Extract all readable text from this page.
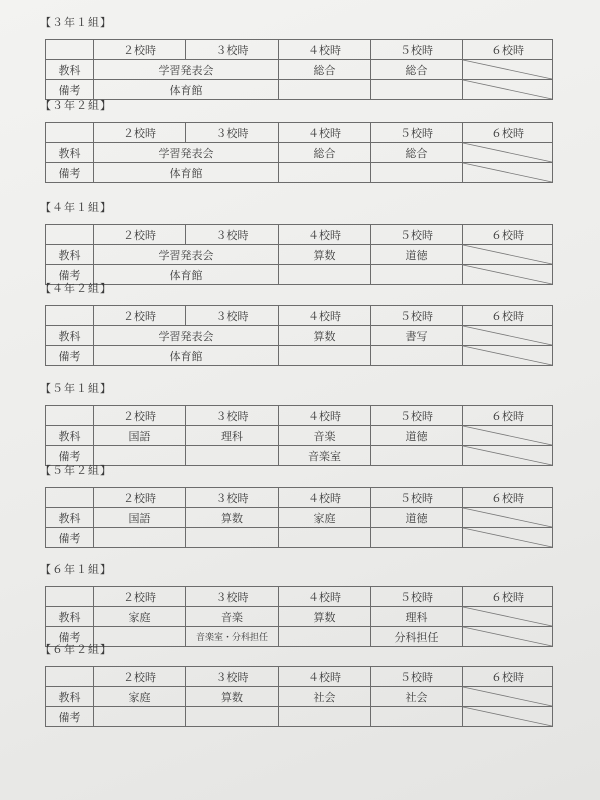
【３年１組】
	２校時	３校時	４校時	５校時	６校時
教科	学習発表会		総合	総合	

備考	体育館			
【３年２組】
	２校時	３校時	４校時	５校時	６校時
教科	学習発表会		総合	総合	

備考	体育館			
【４年１組】
	２校時	３校時	４校時	５校時	６校時
教科	学習発表会		算数	道徳	

備考	体育館			
【４年２組】
	２校時	３校時	４校時	５校時	６校時
教科	学習発表会		算数	書写	

備考	体育館			
【５年１組】
	２校時	３校時	４校時	５校時	６校時
教科	国語	理科	音楽	道徳	

備考			音楽室		
【５年２組】
	２校時	３校時	４校時	５校時	６校時
教科	国語	算数	家庭	道徳	

備考					
【６年１組】
	２校時	３校時	４校時	５校時	６校時
教科	家庭	音楽	算数	理科	

備考		音楽室・分科担任		分科担任	
【６年２組】
	２校時	３校時	４校時	５校時	６校時
教科	家庭	算数	社会	社会	

備考					
